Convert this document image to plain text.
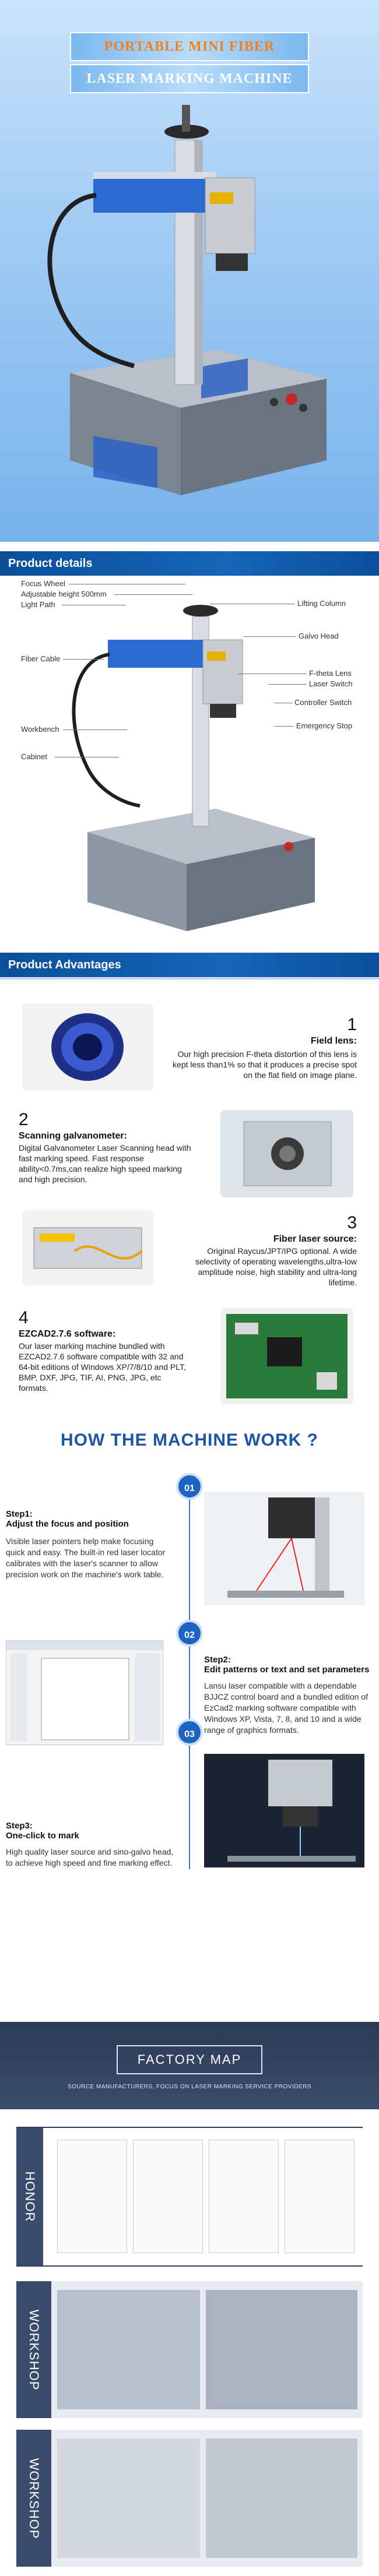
PORTABLE MINI FIBER
LASER MARKING MACHINE
Product details
Focus Wheel
Adjustable height 500mm
Light Path	Lifting Column
Galvo Head
Fiber Cable
F-theta Lens
Laser Switch
Controller Switch
Workbench	Emergency Stop
Cabinet
Product Advantages
1
Field lens:
Our high precision F-theta distortion of this lens is kept less than1% so that it produces a precise spot on the flat field on image plane.
2
Scanning galvanometer:
Digital Galvanometer Laser Scanning head with fast marking speed. Fast response ability<0.7ms,can realize high speed marking and high precision.
3
Fiber laser source:
Original Raycus/JPT/IPG optional. A wide selectivity of operating wavelengths,ultra-low amplitude noise, high stability and ultra-long lifetime.
4
EZCAD2.7.6 software:
Our laser marking machine bundled with EZCAD2.7.6 software compatible with 32 and 64-bit editions of Windows XP/7/8/10 and PLT, BMP, DXF, JPG, TIF, AI, PNG, JPG, etc formats.
HOW THE MACHINE WORK ?
01
Step1:
Adjust the focus and position
Visible laser pointers help make focusing quick and easy. The built-in red laser locator calibrates with the laser's scanner to allow precision work on the machine's work table.
02
Step2:
Edit patterns or text and set parameters
Lansu laser compatible with a dependable BJJCZ control board and a bundled edition of EzCad2 marking software compatible with Windows XP, Vista, 7, 8, and 10 and a wide range of graphics formats.
03
Step3:
One-click to mark
High quality laser source and sino-galvo head, to achieve high speed and fine marking effect.
FACTORY MAP
SOURCE MANUFACTURERS, FOCUS ON LASER MARKING SERVICE PROVIDERS
HONOR
WORKSHOP
WORKSHOP
